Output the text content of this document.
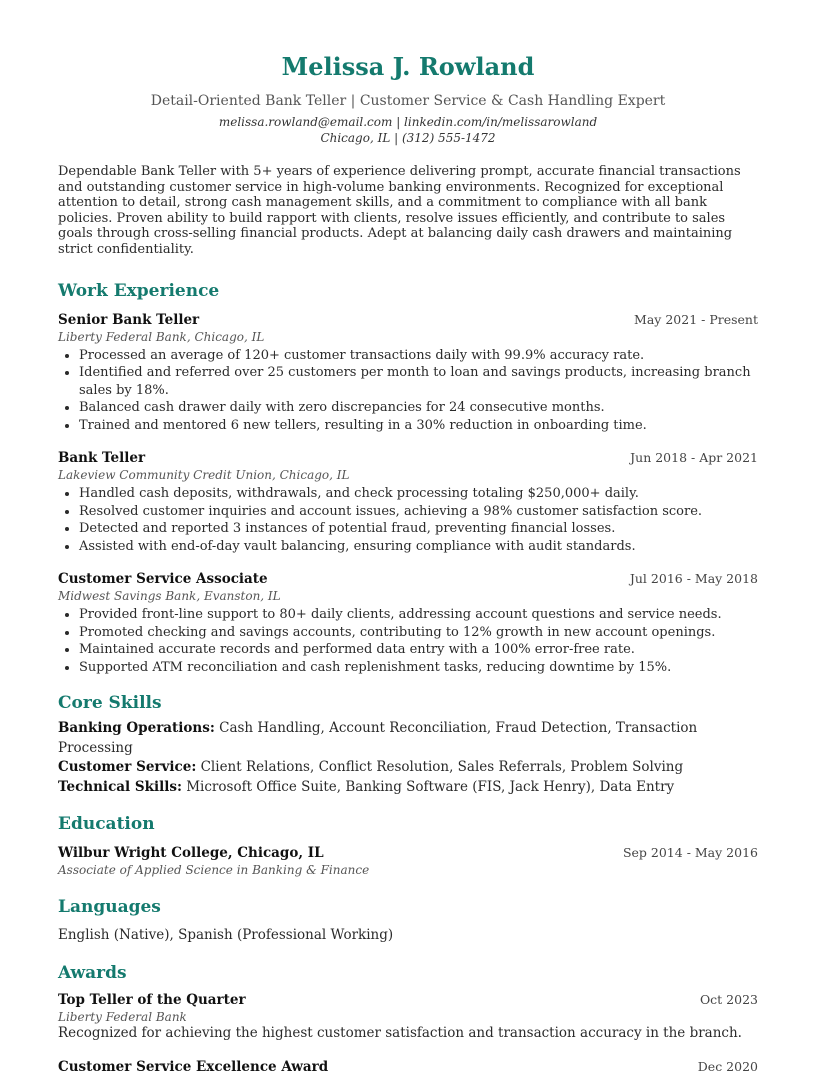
Melissa J. Rowland
Detail-Oriented Bank Teller | Customer Service & Cash Handling Expert
melissa.rowland@email.com | linkedin.com/in/melissarowland
Chicago, IL | (312) 555-1472
Dependable Bank Teller with 5+ years of experience delivering prompt, accurate financial transactions and outstanding customer service in high-volume banking environments. Recognized for exceptional attention to detail, strong cash management skills, and a commitment to compliance with all bank policies. Proven ability to build rapport with clients, resolve issues efficiently, and contribute to sales goals through cross-selling financial products. Adept at balancing daily cash drawers and maintaining strict confidentiality.
Work Experience
Senior Bank Teller	May 2021 - Present
Liberty Federal Bank, Chicago, IL
• Processed an average of 120+ customer transactions daily with 99.9% accuracy rate.
• Identified and referred over 25 customers per month to loan and savings products, increasing branch sales by 18%.
• Balanced cash drawer daily with zero discrepancies for 24 consecutive months.
• Trained and mentored 6 new tellers, resulting in a 30% reduction in onboarding time.
Bank Teller	Jun 2018 - Apr 2021
Lakeview Community Credit Union, Chicago, IL
• Handled cash deposits, withdrawals, and check processing totaling $250,000+ daily.
• Resolved customer inquiries and account issues, achieving a 98% customer satisfaction score.
• Detected and reported 3 instances of potential fraud, preventing financial losses.
• Assisted with end-of-day vault balancing, ensuring compliance with audit standards.
Customer Service Associate	Jul 2016 - May 2018
Midwest Savings Bank, Evanston, IL
• Provided front-line support to 80+ daily clients, addressing account questions and service needs.
• Promoted checking and savings accounts, contributing to 12% growth in new account openings.
• Maintained accurate records and performed data entry with a 100% error-free rate.
• Supported ATM reconciliation and cash replenishment tasks, reducing downtime by 15%.
Core Skills
Banking Operations: Cash Handling, Account Reconciliation, Fraud Detection, Transaction Processing
Customer Service: Client Relations, Conflict Resolution, Sales Referrals, Problem Solving
Technical Skills: Microsoft Office Suite, Banking Software (FIS, Jack Henry), Data Entry
Education
Wilbur Wright College, Chicago, IL	Sep 2014 - May 2016
Associate of Applied Science in Banking & Finance
Languages
English (Native), Spanish (Professional Working)
Awards
Top Teller of the Quarter	Oct 2023
Liberty Federal Bank
Recognized for achieving the highest customer satisfaction and transaction accuracy in the branch.
Customer Service Excellence Award	Dec 2020
